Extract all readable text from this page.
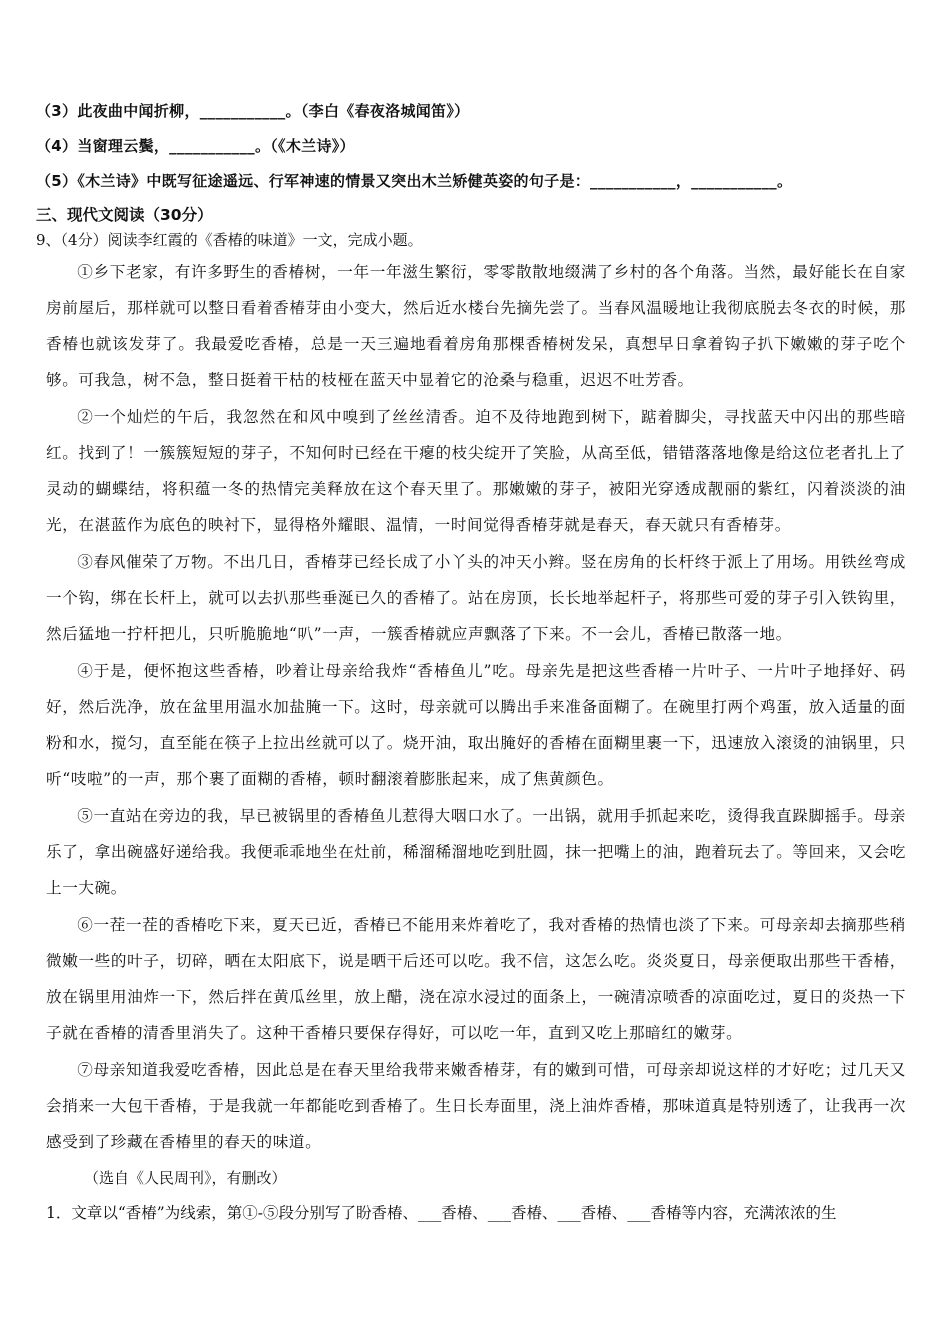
（3）此夜曲中闻折柳，___________。（李白《春夜洛城闻笛》）
（4）当窗理云鬓，___________。（《木兰诗》）
（5）《木兰诗》中既写征途遥远、行军神速的情景又突出木兰矫健英姿的句子是：___________，___________。
三、现代文阅读（30分）
9、（4分）阅读李红霞的《香椿的味道》一文，完成小题。

①乡下老家，有许多野生的香椿树，一年一年滋生繁衍，零零散散地缀满了乡村的各个角落。当然，最好能长在自家房前屋后，那样就可以整日看着香椿芽由小变大，然后近水楼台先摘先尝了。当春风温暖地让我彻底脱去冬衣的时候，那香椿也就该发芽了。我最爱吃香椿，总是一天三遍地看着房角那棵香椿树发呆，真想早日拿着钩子扒下嫩嫩的芽子吃个够。可我急，树不急，整日挺着干枯的枝桠在蓝天中显着它的沧桑与稳重，迟迟不吐芳香。

②一个灿烂的午后，我忽然在和风中嗅到了丝丝清香。迫不及待地跑到树下，踮着脚尖，寻找蓝天中闪出的那些暗红。找到了！一簇簇短短的芽子，不知何时已经在干瘪的枝尖绽开了笑脸，从高至低，错错落落地像是给这位老者扎上了灵动的蝴蝶结，将积蕴一冬的热情完美释放在这个春天里了。那嫩嫩的芽子，被阳光穿透成靓丽的紫红，闪着淡淡的油光，在湛蓝作为底色的映衬下，显得格外耀眼、温情，一时间觉得香椿芽就是春天，春天就只有香椿芽。

③春风催荣了万物。不出几日，香椿芽已经长成了小丫头的冲天小辫。竖在房角的长杆终于派上了用场。用铁丝弯成一个钩，绑在长杆上，就可以去扒那些垂涎已久的香椿了。站在房顶，长长地举起杆子，将那些可爱的芽子引入铁钩里，然后猛地一拧杆把儿，只听脆脆地“叭”一声，一簇香椿就应声飘落了下来。不一会儿，香椿已散落一地。

④于是，便怀抱这些香椿，吵着让母亲给我炸“香椿鱼儿”吃。母亲先是把这些香椿一片叶子、一片叶子地择好、码好，然后洗净，放在盆里用温水加盐腌一下。这时，母亲就可以腾出手来准备面糊了。在碗里打两个鸡蛋，放入适量的面粉和水，搅匀，直至能在筷子上拉出丝就可以了。烧开油，取出腌好的香椿在面糊里裹一下，迅速放入滚烫的油锅里，只听“吱啦”的一声，那个裹了面糊的香椿，顿时翻滚着膨胀起来，成了焦黄颜色。

⑤一直站在旁边的我，早已被锅里的香椿鱼儿惹得大咽口水了。一出锅，就用手抓起来吃，烫得我直跺脚摇手。母亲乐了，拿出碗盛好递给我。我便乖乖地坐在灶前，稀溜稀溜地吃到肚圆，抹一把嘴上的油，跑着玩去了。等回来，又会吃上一大碗。

⑥一茬一茬的香椿吃下来，夏天已近，香椿已不能用来炸着吃了，我对香椿的热情也淡了下来。可母亲却去摘那些稍微嫩一些的叶子，切碎，晒在太阳底下，说是晒干后还可以吃。我不信，这怎么吃。炎炎夏日，母亲便取出那些干香椿，放在锅里用油炸一下，然后拌在黄瓜丝里，放上醋，浇在凉水浸过的面条上，一碗清凉喷香的凉面吃过，夏日的炎热一下子就在香椿的清香里消失了。这种干香椿只要保存得好，可以吃一年，直到又吃上那暗红的嫩芽。

⑦母亲知道我爱吃香椿，因此总是在春天里给我带来嫩香椿芽，有的嫩到可惜，可母亲却说这样的才好吃；过几天又会捎来一大包干香椿，于是我就一年都能吃到香椿了。生日长寿面里，浇上油炸香椿，那味道真是特别透了，让我再一次感受到了珍藏在香椿里的春天的味道。

（选自《人民周刊》，有删改）
1．文章以“香椿”为线索，第①-⑤段分别写了盼香椿、___香椿、___香椿、___香椿、___香椿等内容，充满浓浓的生
